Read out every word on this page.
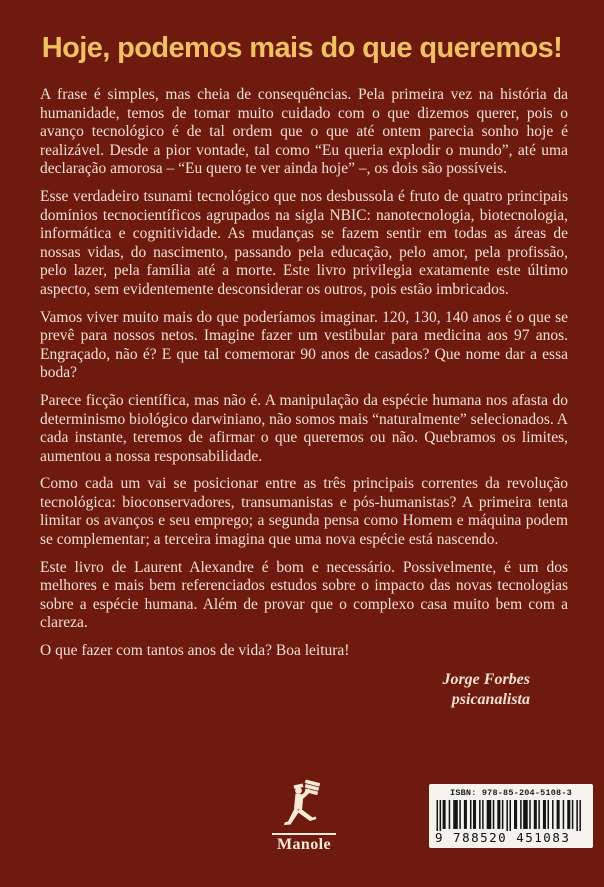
Hoje, podemos mais do que queremos!

A frase é simples, mas cheia de consequências. Pela primeira vez na história da humanidade, temos de tomar muito cuidado com o que dizemos querer, pois o avanço tecnológico é de tal ordem que o que até ontem parecia sonho hoje é realizável. Desde a pior vontade, tal como “Eu queria explodir o mundo”, até uma declaração amorosa – “Eu quero te ver ainda hoje” –, os dois são possíveis.

Esse verdadeiro tsunami tecnológico que nos desbussola é fruto de quatro principais domínios tecnocientíficos agrupados na sigla NBIC: nanotecnologia, biotecnologia, informática e cognitividade. As mudanças se fazem sentir em todas as áreas de nossas vidas, do nascimento, passando pela educação, pelo amor, pela profissão, pelo lazer, pela família até a morte. Este livro privilegia exatamente este último aspecto, sem evidentemente desconsiderar os outros, pois estão imbricados.

Vamos viver muito mais do que poderíamos imaginar. 120, 130, 140 anos é o que se prevê para nossos netos. Imagine fazer um vestibular para medicina aos 97 anos. Engraçado, não é? E que tal comemorar 90 anos de casados? Que nome dar a essa boda?

Parece ficção científica, mas não é. A manipulação da espécie humana nos afasta do determinismo biológico darwiniano, não somos mais “naturalmente” selecionados. A cada instante, teremos de afirmar o que queremos ou não. Quebramos os limites, aumentou a nossa responsabilidade.

Como cada um vai se posicionar entre as três principais correntes da revolução tecnológica: bioconservadores, transumanistas e pós-humanistas? A primeira tenta limitar os avanços e seu emprego; a segunda pensa como Homem e máquina podem se complementar; a terceira imagina que uma nova espécie está nascendo.

Este livro de Laurent Alexandre é bom e necessário. Possivelmente, é um dos melhores e mais bem referenciados estudos sobre o impacto das novas tecnologias sobre a espécie humana. Além de provar que o complexo casa muito bem com a clareza.

O que fazer com tantos anos de vida? Boa leitura!

Jorge Forbes
psicanalista
Manole
ISBN: 978-85-204-5108-3
9 788520 451083
